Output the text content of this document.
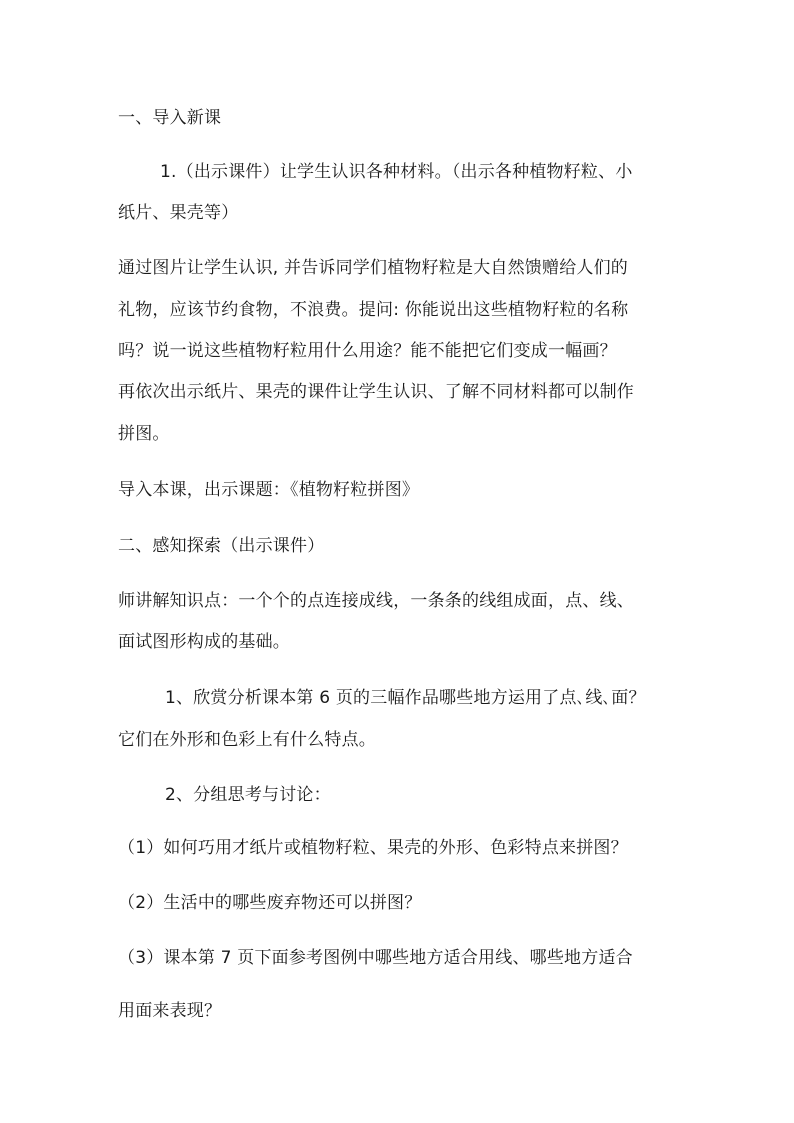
一、导入新课
1.（出示课件）让学生认识各种材料。（出示各种植物籽粒、小
纸片、果壳等）
通过图片让学生认识, 并告诉同学们植物籽粒是大自然馈赠给人们的
礼物，应该节约食物，不浪费。提问: 你能说出这些植物籽粒的名称
吗？说一说这些植物籽粒用什么用途？能不能把它们变成一幅画？
再依次出示纸片、果壳的课件让学生认识、了解不同材料都可以制作
拼图。
导入本课，出示课题：《植物籽粒拼图》
二、感知探索（出示课件）
师讲解知识点：一个个的点连接成线，一条条的线组成面，点、线、
面试图形构成的基础。
1、欣赏分析课本第 6 页的三幅作品哪些地方运用了点､线､面？
它们在外形和色彩上有什么特点。
2、分组思考与讨论：
（1）如何巧用才纸片或植物籽粒、果壳的外形、色彩特点来拼图？
（2）生活中的哪些废弃物还可以拼图？
（3）课本第 7 页下面参考图例中哪些地方适合用线、哪些地方适合
用面来表现？
